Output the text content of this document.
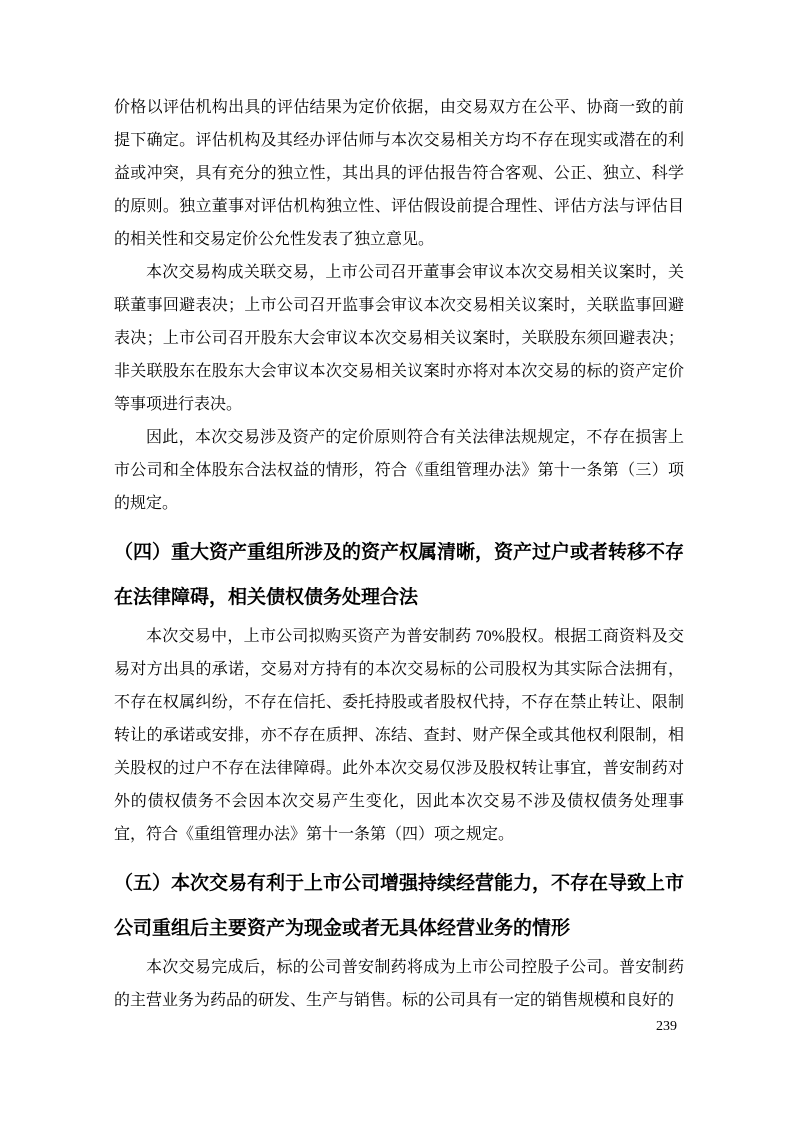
价格以评估机构出具的评估结果为定价依据，由交易双方在公平、协商一致的前提下确定。评估机构及其经办评估师与本次交易相关方均不存在现实或潜在的利益或冲突，具有充分的独立性，其出具的评估报告符合客观、公正、独立、科学的原则。独立董事对评估机构独立性、评估假设前提合理性、评估方法与评估目的相关性和交易定价公允性发表了独立意见。

本次交易构成关联交易，上市公司召开董事会审议本次交易相关议案时，关联董事回避表决；上市公司召开监事会审议本次交易相关议案时，关联监事回避表决；上市公司召开股东大会审议本次交易相关议案时，关联股东须回避表决；非关联股东在股东大会审议本次交易相关议案时亦将对本次交易的标的资产定价等事项进行表决。

因此，本次交易涉及资产的定价原则符合有关法律法规规定，不存在损害上市公司和全体股东合法权益的情形，符合《重组管理办法》第十一条第（三）项的规定。

（四）重大资产重组所涉及的资产权属清晰，资产过户或者转移不存在法律障碍，相关债权债务处理合法

本次交易中，上市公司拟购买资产为普安制药 70%股权。根据工商资料及交易对方出具的承诺，交易对方持有的本次交易标的公司股权为其实际合法拥有，不存在权属纠纷，不存在信托、委托持股或者股权代持，不存在禁止转让、限制转让的承诺或安排，亦不存在质押、冻结、查封、财产保全或其他权利限制，相关股权的过户不存在法律障碍。此外本次交易仅涉及股权转让事宜，普安制药对外的债权债务不会因本次交易产生变化，因此本次交易不涉及债权债务处理事宜，符合《重组管理办法》第十一条第（四）项之规定。

（五）本次交易有利于上市公司增强持续经营能力，不存在导致上市公司重组后主要资产为现金或者无具体经营业务的情形

本次交易完成后，标的公司普安制药将成为上市公司控股子公司。普安制药的主营业务为药品的研发、生产与销售。标的公司具有一定的销售规模和良好的

239
